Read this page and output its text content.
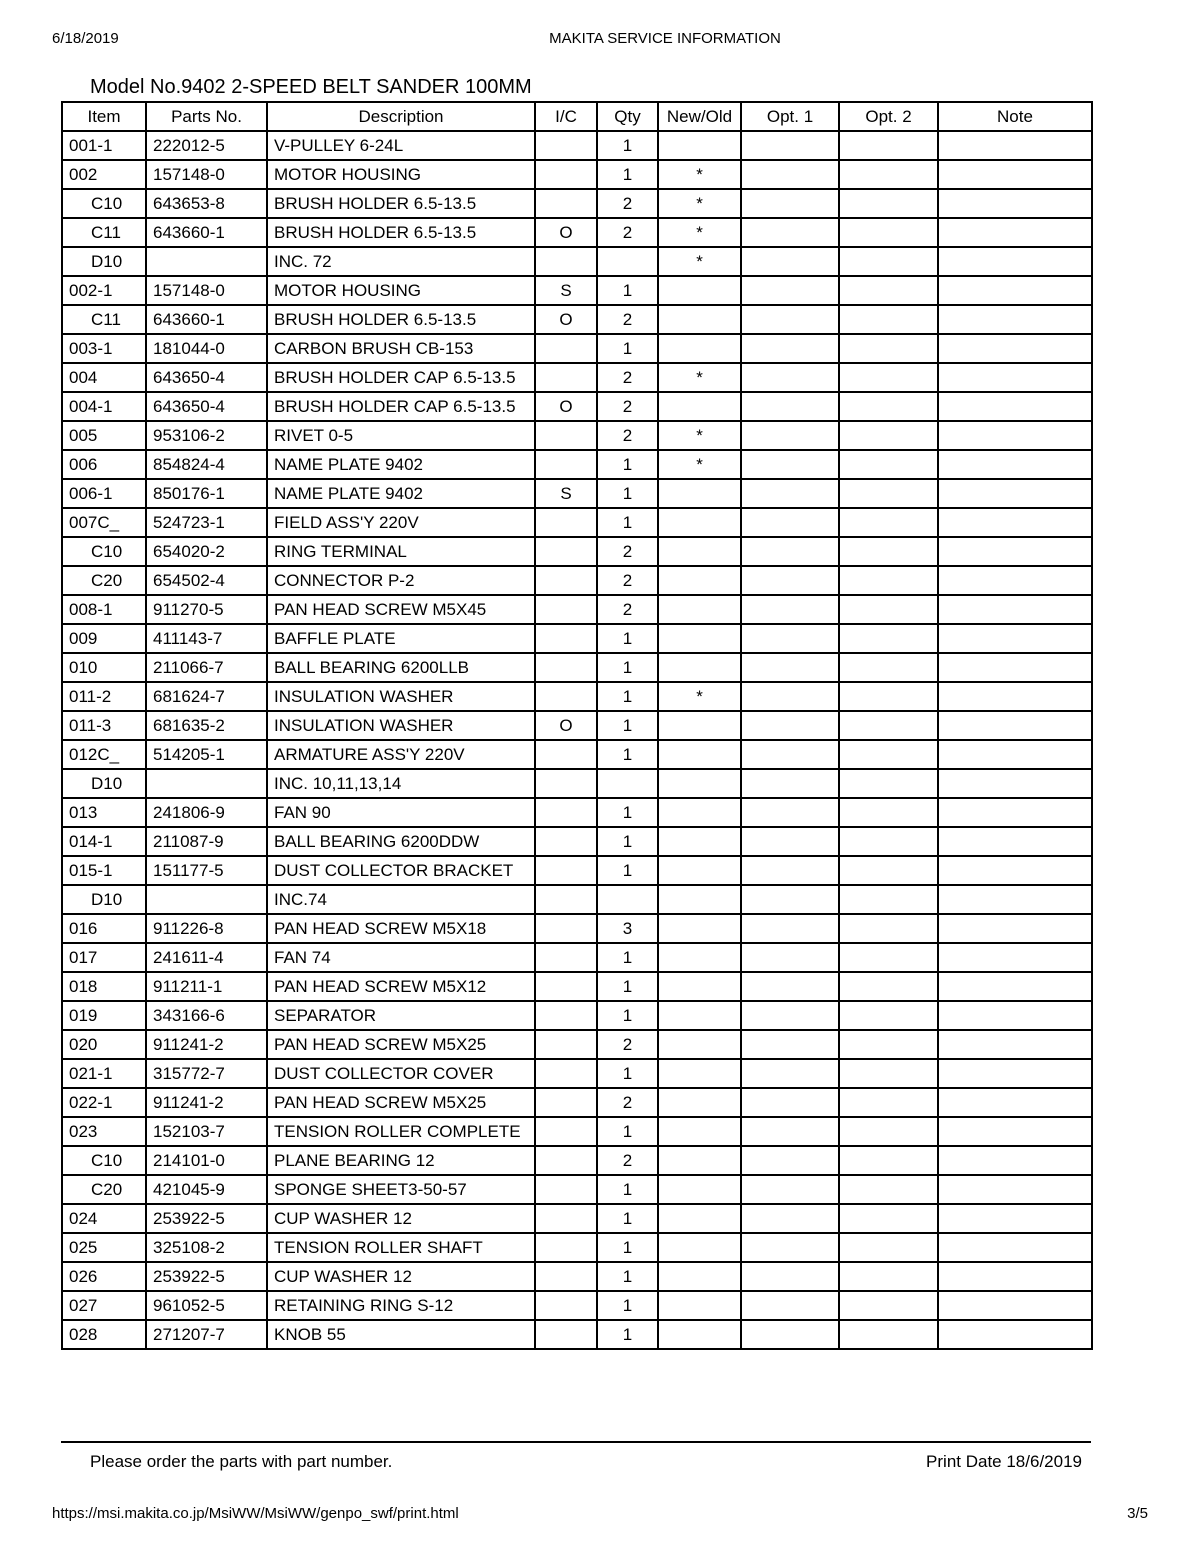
6/18/2019	MAKITA SERVICE INFORMATION
Model No.9402 2-SPEED BELT SANDER 100MM
Item	Parts No.	Description	I/C	Qty	New/Old	Opt. 1	Opt. 2	Note
001-1	222012-5	V-PULLEY 6-24L		1				
002	157148-0	MOTOR HOUSING		1	*			
C10	643653-8	BRUSH HOLDER 6.5-13.5		2	*			
C11	643660-1	BRUSH HOLDER 6.5-13.5	O	2	*			
D10		INC. 72			*			
002-1	157148-0	MOTOR HOUSING	S	1				
C11	643660-1	BRUSH HOLDER 6.5-13.5	O	2				
003-1	181044-0	CARBON BRUSH CB-153		1				
004	643650-4	BRUSH HOLDER CAP 6.5-13.5		2	*			
004-1	643650-4	BRUSH HOLDER CAP 6.5-13.5	O	2				
005	953106-2	RIVET 0-5		2	*			
006	854824-4	NAME PLATE 9402		1	*			
006-1	850176-1	NAME PLATE 9402	S	1				
007C_	524723-1	FIELD ASS'Y 220V		1				
C10	654020-2	RING TERMINAL		2				
C20	654502-4	CONNECTOR P-2		2				
008-1	911270-5	PAN HEAD SCREW M5X45		2				
009	411143-7	BAFFLE PLATE		1				
010	211066-7	BALL BEARING 6200LLB		1				
011-2	681624-7	INSULATION WASHER		1	*			
011-3	681635-2	INSULATION WASHER	O	1				
012C_	514205-1	ARMATURE ASS'Y 220V		1				
D10		INC. 10,11,13,14						
013	241806-9	FAN 90		1				
014-1	211087-9	BALL BEARING 6200DDW		1				
015-1	151177-5	DUST COLLECTOR BRACKET		1				
D10		INC.74						
016	911226-8	PAN HEAD SCREW M5X18		3				
017	241611-4	FAN 74		1				
018	911211-1	PAN HEAD SCREW M5X12		1				
019	343166-6	SEPARATOR		1				
020	911241-2	PAN HEAD SCREW M5X25		2				
021-1	315772-7	DUST COLLECTOR COVER		1				
022-1	911241-2	PAN HEAD SCREW M5X25		2				
023	152103-7	TENSION ROLLER COMPLETE		1				
C10	214101-0	PLANE BEARING 12		2				
C20	421045-9	SPONGE SHEET3-50-57		1				
024	253922-5	CUP WASHER 12		1				
025	325108-2	TENSION ROLLER SHAFT		1				
026	253922-5	CUP WASHER 12		1				
027	961052-5	RETAINING RING S-12		1				
028	271207-7	KNOB 55		1				
Please order the parts with part number.	Print Date 18/6/2019
https://msi.makita.co.jp/MsiWW/MsiWW/genpo_swf/print.html	3/5
